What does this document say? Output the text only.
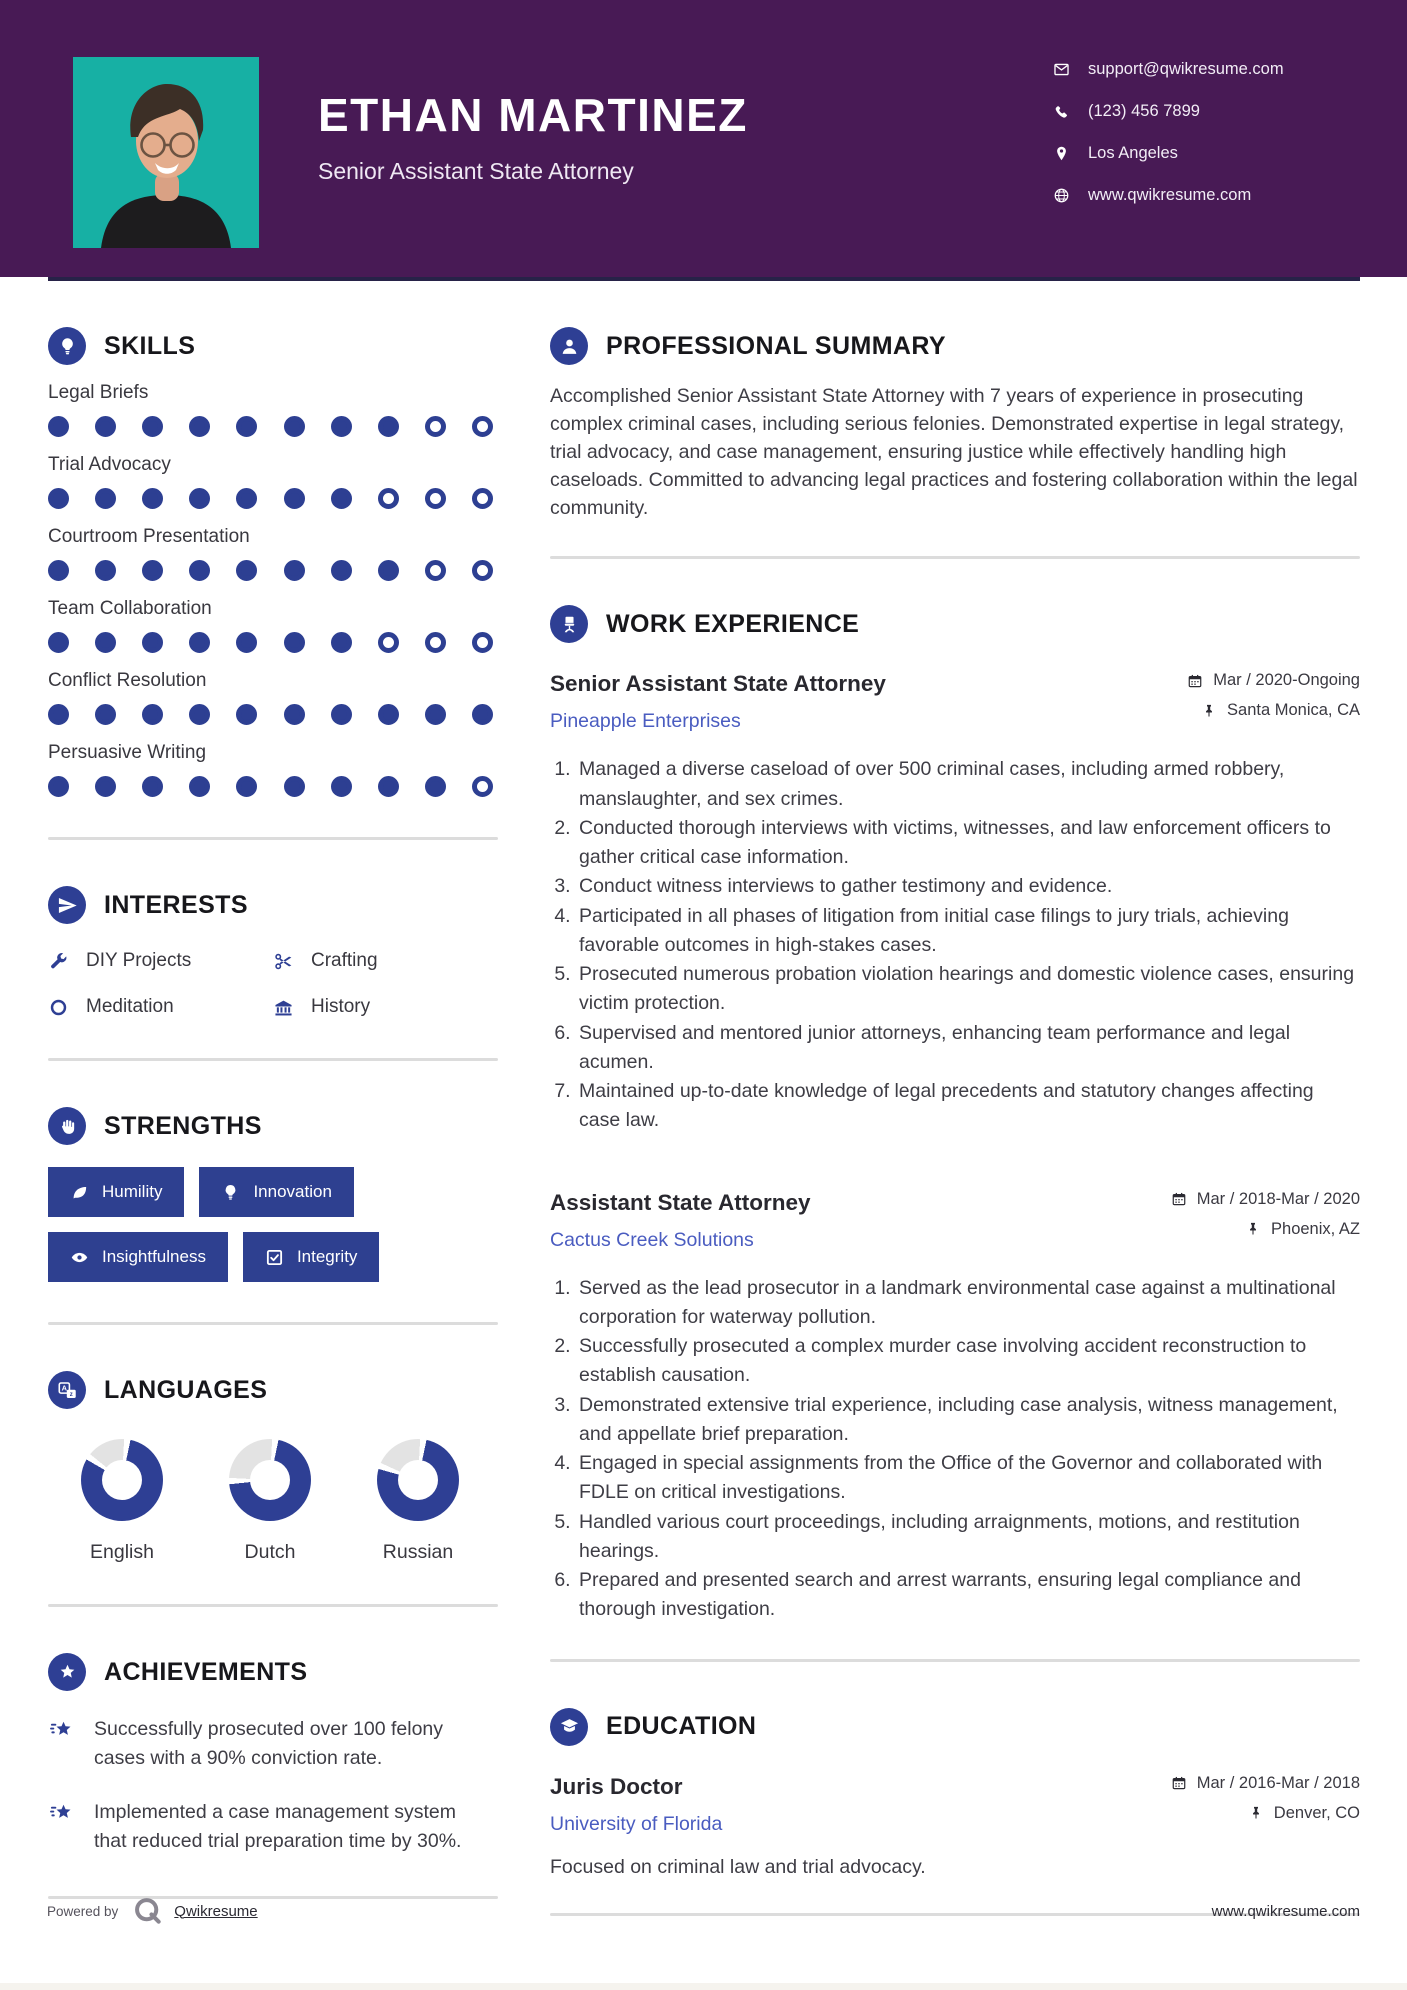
ETHAN MARTINEZ
Senior Assistant State Attorney
support@qwikresume.com
(123) 456 7899
Los Angeles
www.qwikresume.com
SKILLS
Legal Briefs
Trial Advocacy
Courtroom Presentation
Team Collaboration
Conflict Resolution
Persuasive Writing
INTERESTS
DIY Projects	Crafting
Meditation	History
STRENGTHS
Humility	Innovation
Insightfulness	Integrity
LANGUAGES
English	Dutch	Russian
ACHIEVEMENTS

Successfully prosecuted over 100 felony cases with a 90% conviction rate.

Implemented a case management system that reduced trial preparation time by 30%.

PROFESSIONAL SUMMARY

Accomplished Senior Assistant State Attorney with 7 years of experience in prosecuting complex criminal cases, including serious felonies. Demonstrated expertise in legal strategy, trial advocacy, and case management, ensuring justice while effectively handling high caseloads. Committed to advancing legal practices and fostering collaboration within the legal community.

WORK EXPERIENCE
Senior Assistant State Attorney
Pineapple Enterprises
Mar / 2020-Ongoing
Santa Monica, CA
1. Managed a diverse caseload of over 500 criminal cases, including armed robbery, manslaughter, and sex crimes.
2. Conducted thorough interviews with victims, witnesses, and law enforcement officers to gather critical case information.
3. Conduct witness interviews to gather testimony and evidence.
4. Participated in all phases of litigation from initial case filings to jury trials, achieving favorable outcomes in high-stakes cases.
5. Prosecuted numerous probation violation hearings and domestic violence cases, ensuring victim protection.
6. Supervised and mentored junior attorneys, enhancing team performance and legal acumen.
7. Maintained up-to-date knowledge of legal precedents and statutory changes affecting case law.
Assistant State Attorney
Cactus Creek Solutions
Mar / 2018-Mar / 2020
Phoenix, AZ
1. Served as the lead prosecutor in a landmark environmental case against a multinational corporation for waterway pollution.
2. Successfully prosecuted a complex murder case involving accident reconstruction to establish causation.
3. Demonstrated extensive trial experience, including case analysis, witness management, and appellate brief preparation.
4. Engaged in special assignments from the Office of the Governor and collaborated with FDLE on critical investigations.
5. Handled various court proceedings, including arraignments, motions, and restitution hearings.
6. Prepared and presented search and arrest warrants, ensuring legal compliance and thorough investigation.
EDUCATION
Juris Doctor
University of Florida
Mar / 2016-Mar / 2018
Denver, CO

Focused on criminal law and trial advocacy.

Powered by	Qwikresume	www.qwikresume.com
